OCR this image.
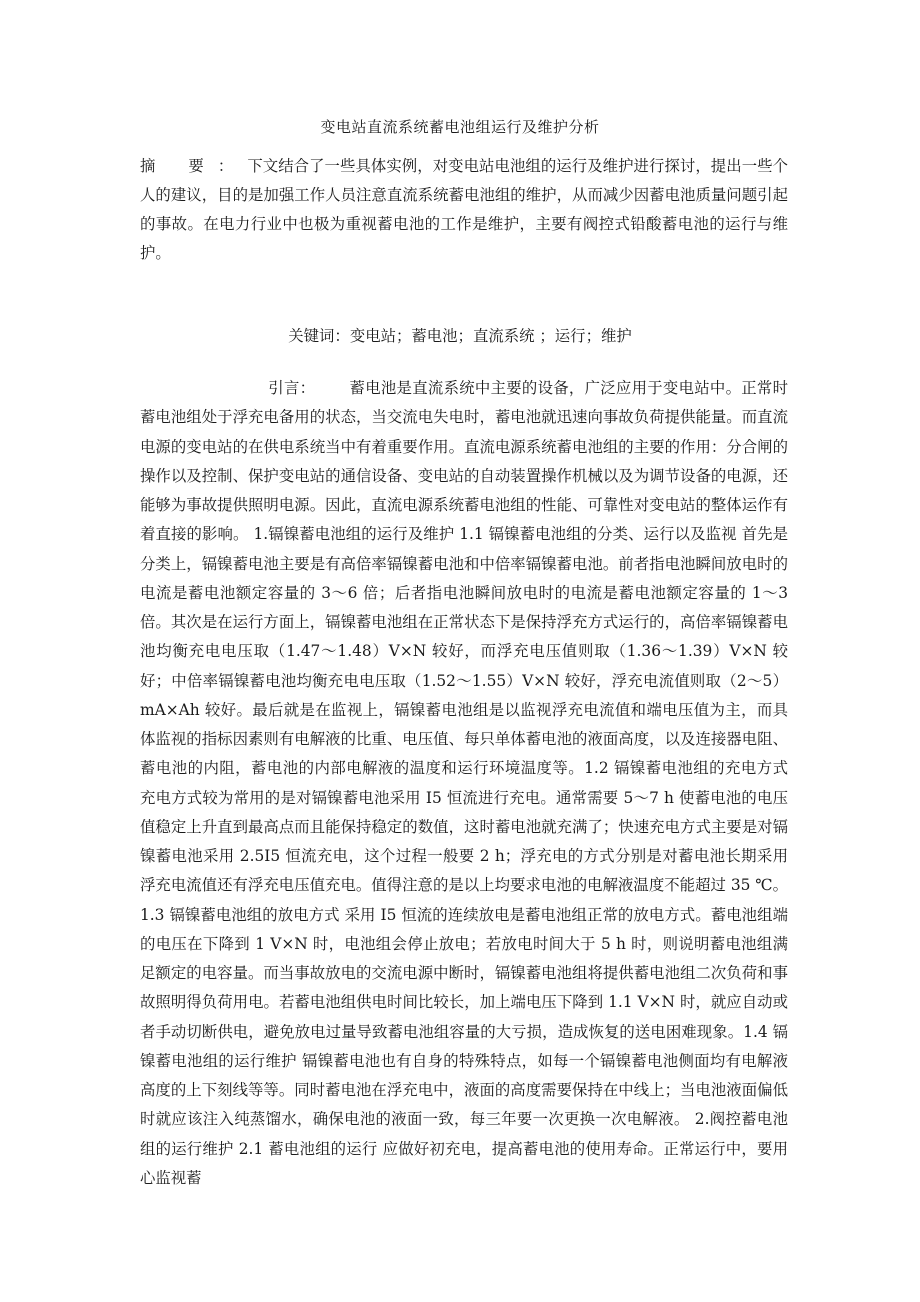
变电站直流系统蓄电池组运行及维护分析

摘 要：下文结合了一些具体实例，对变电站电池组的运行及维护进行探讨，提出一些个人的建议，目的是加强工作人员注意直流系统蓄电池组的维护，从而减少因蓄电池质量问题引起的事故。在电力行业中也极为重视蓄电池的工作是维护，主要有阀控式铅酸蓄电池的运行与维护。

关键词：变电站；蓄电池；直流系统 ；运行；维护

引言： 蓄电池是直流系统中主要的设备，广泛应用于变电站中。正常时蓄电池组处于浮充电备用的状态，当交流电失电时，蓄电池就迅速向事故负荷提供能量。而直流电源的变电站的在供电系统当中有着重要作用。直流电源系统蓄电池组的主要的作用：分合闸的操作以及控制、保护变电站的通信设备、变电站的自动装置操作机械以及为调节设备的电源，还能够为事故提供照明电源。因此，直流电源系统蓄电池组的性能、可靠性对变电站的整体运作有着直接的影响。 1.镉镍蓄电池组的运行及维护 1.1 镉镍蓄电池组的分类、运行以及监视 首先是分类上，镉镍蓄电池主要是有高倍率镉镍蓄电池和中倍率镉镍蓄电池。前者指电池瞬间放电时的电流是蓄电池额定容量的 3～6 倍；后者指电池瞬间放电时的电流是蓄电池额定容量的 1～3 倍。其次是在运行方面上，镉镍蓄电池组在正常状态下是保持浮充方式运行的，高倍率镉镍蓄电池均衡充电电压取（1.47～1.48）V×N 较好，而浮充电压值则取（1.36～1.39）V×N 较好；中倍率镉镍蓄电池均衡充电电压取（1.52～1.55）V×N 较好，浮充电流值则取（2～5）mA×Ah 较好。最后就是在监视上，镉镍蓄电池组是以监视浮充电流值和端电压值为主，而具体监视的指标因素则有电解液的比重、电压值、每只单体蓄电池的液面高度，以及连接器电阻、蓄电池的内阻，蓄电池的内部电解液的温度和运行环境温度等。1.2 镉镍蓄电池组的充电方式 充电方式较为常用的是对镉镍蓄电池采用 I5 恒流进行充电。通常需要 5～7 h 使蓄电池的电压值稳定上升直到最高点而且能保持稳定的数值，这时蓄电池就充满了；快速充电方式主要是对镉镍蓄电池采用 2.5I5 恒流充电，这个过程一般要 2 h；浮充电的方式分别是对蓄电池长期采用浮充电流值还有浮充电压值充电。值得注意的是以上均要求电池的电解液温度不能超过 35 ℃。 1.3 镉镍蓄电池组的放电方式 采用 I5 恒流的连续放电是蓄电池组正常的放电方式。蓄电池组端的电压在下降到 1 V×N 时，电池组会停止放电；若放电时间大于 5 h 时，则说明蓄电池组满足额定的电容量。而当事故放电的交流电源中断时，镉镍蓄电池组将提供蓄电池组二次负荷和事故照明得负荷用电。若蓄电池组供电时间比较长，加上端电压下降到 1.1 V×N 时，就应自动或者手动切断供电，避免放电过量导致蓄电池组容量的大亏损，造成恢复的送电困难现象。1.4 镉镍蓄电池组的运行维护 镉镍蓄电池也有自身的特殊特点，如每一个镉镍蓄电池侧面均有电解液高度的上下刻线等等。同时蓄电池在浮充电中，液面的高度需要保持在中线上；当电池液面偏低时就应该注入纯蒸馏水，确保电池的液面一致，每三年要一次更换一次电解液。 2.阀控蓄电池组的运行维护 2.1 蓄电池组的运行 应做好初充电，提高蓄电池的使用寿命。正常运行中，要用心监视蓄
